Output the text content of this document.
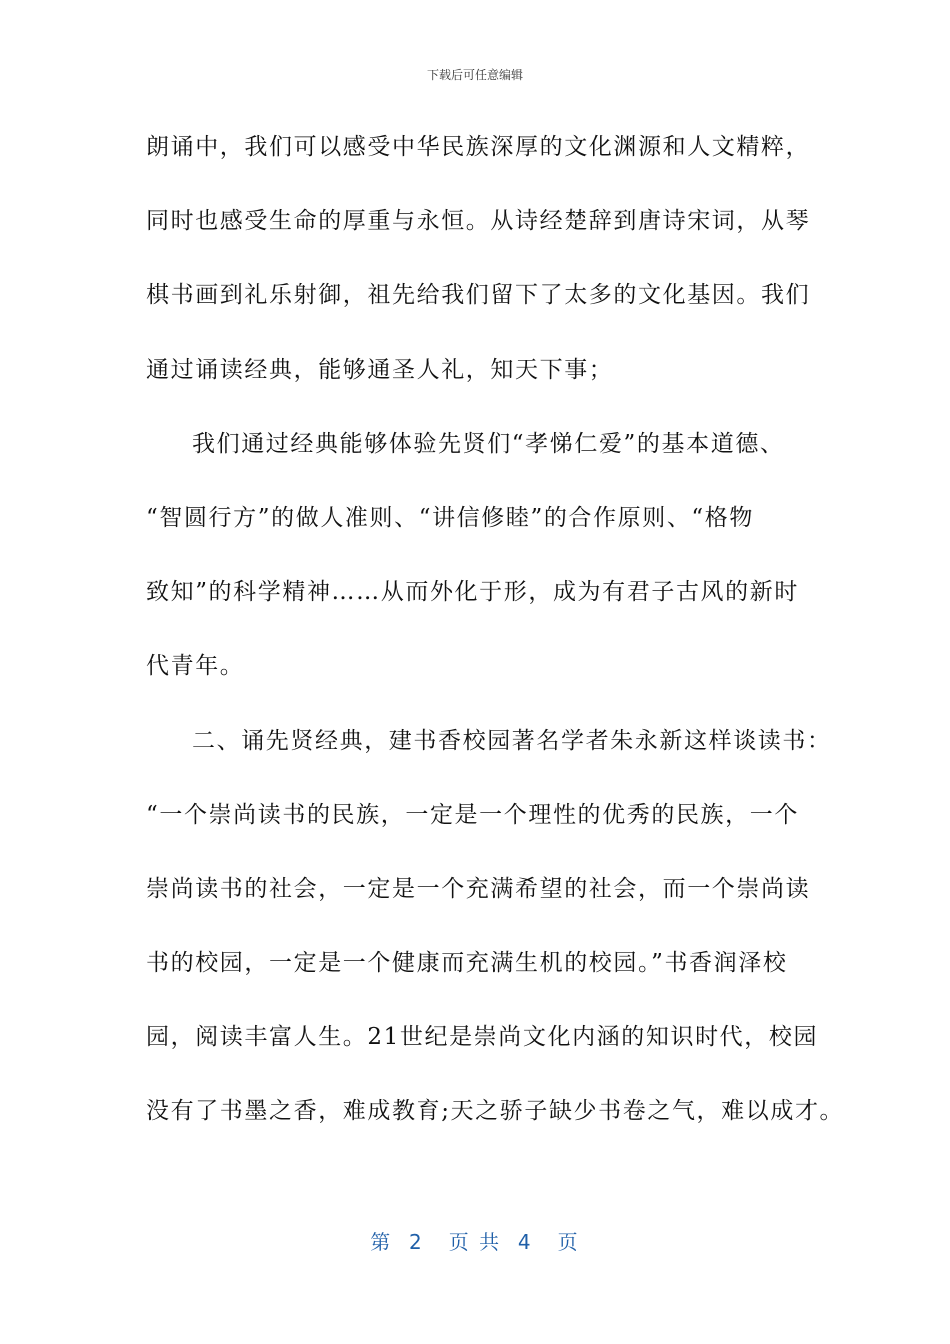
下载后可任意编辑
朗诵中，我们可以感受中华民族深厚的文化渊源和人文精粹，
同时也感受生命的厚重与永恒。从诗经楚辞到唐诗宋词，从琴
棋书画到礼乐射御，祖先给我们留下了太多的文化基因。我们
通过诵读经典，能够通圣人礼，知天下事；
我们通过经典能够体验先贤们“孝悌仁爱”的基本道德、
“智圆行方”的做人准则、“讲信修睦”的合作原则、“格物
致知”的科学精神……从而外化于形，成为有君子古风的新时
代青年。
二、诵先贤经典，建书香校园著名学者朱永新这样谈读书：
“一个崇尚读书的民族，一定是一个理性的优秀的民族，一个
崇尚读书的社会，一定是一个充满希望的社会，而一个崇尚读
书的校园，一定是一个健康而充满生机的校园。”书香润泽校
园，阅读丰富人生。21世纪是崇尚文化内涵的知识时代，校园
没有了书墨之香，难成教育;天之骄子缺少书卷之气，难以成才。
第  2   页 共  4   页
